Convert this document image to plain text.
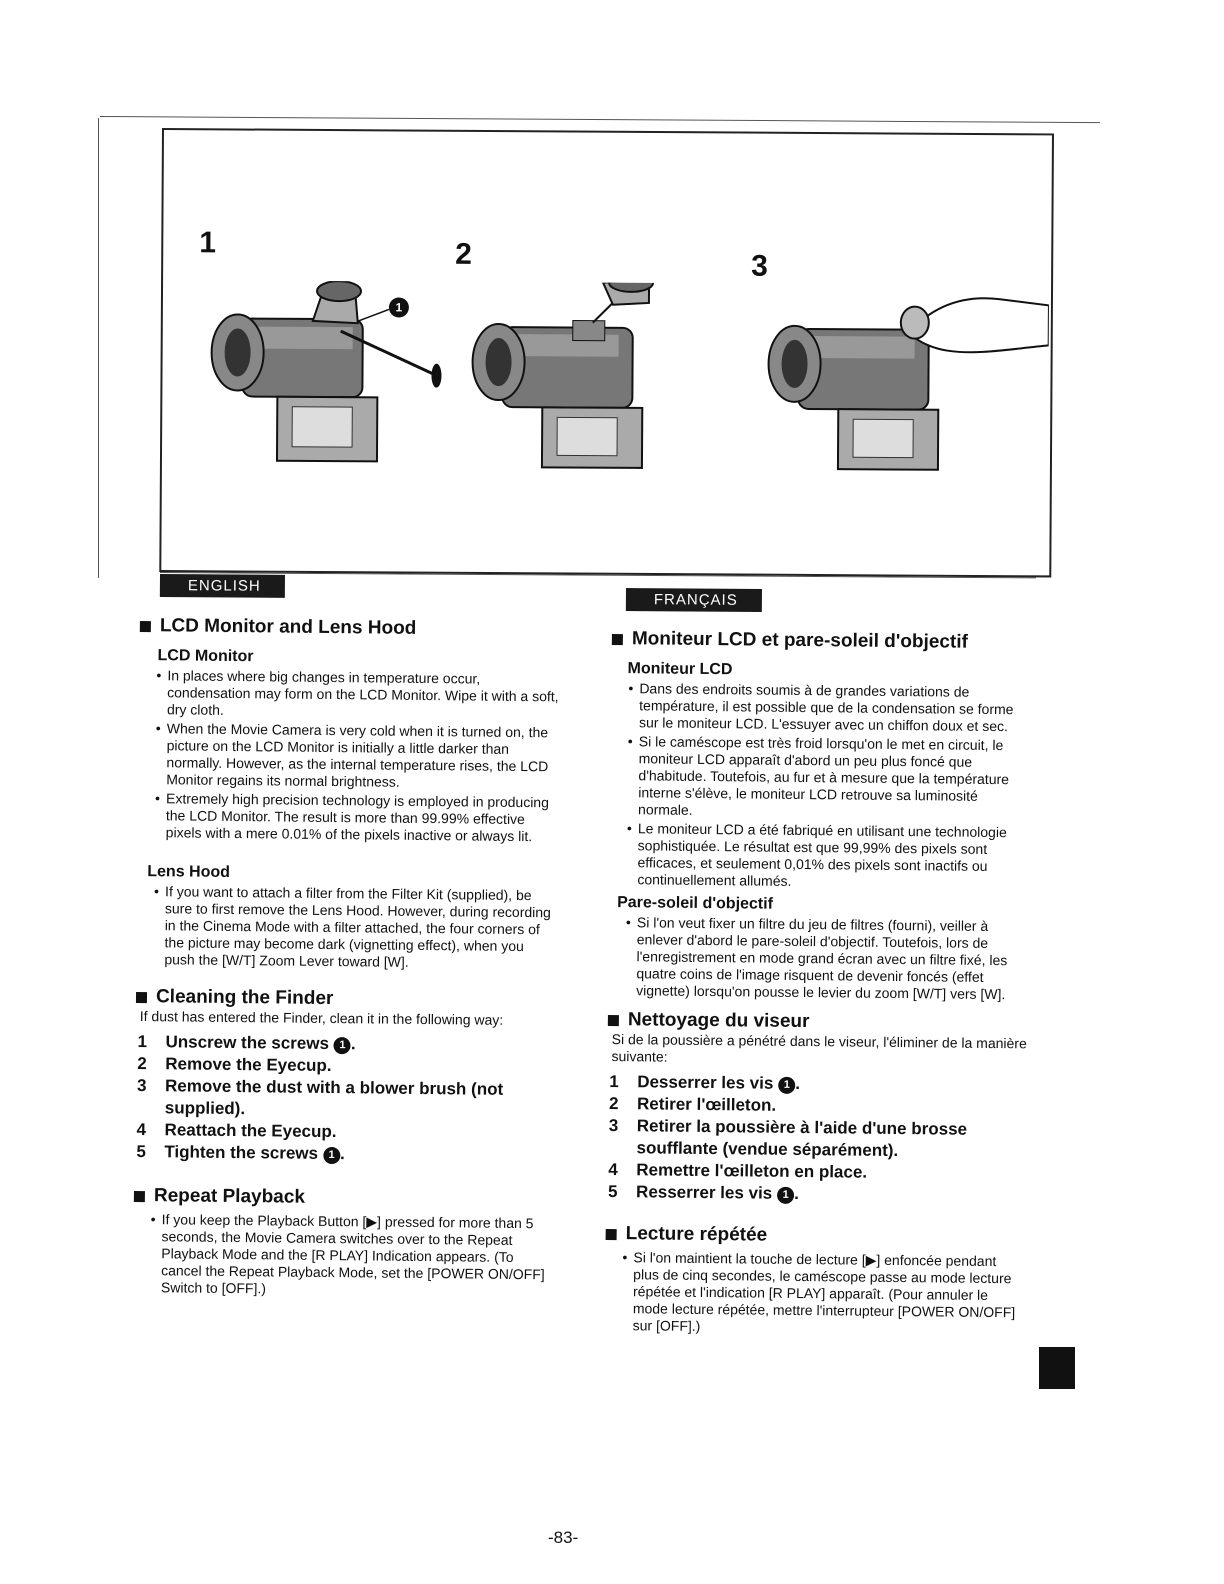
1	2	3
1
ENGLISH
FRANÇAIS
LCD Monitor and Lens Hood
LCD Monitor
• In places where big changes in temperature occur, condensation may form on the LCD Monitor. Wipe it with a soft, dry cloth.
• When the Movie Camera is very cold when it is turned on, the picture on the LCD Monitor is initially a little darker than normally. However, as the internal temperature rises, the LCD Monitor regains its normal brightness.
• Extremely high precision technology is employed in producing the LCD Monitor. The result is more than 99.99% effective pixels with a mere 0.01% of the pixels inactive or always lit.
Lens Hood
• If you want to attach a filter from the Filter Kit (supplied), be sure to first remove the Lens Hood. However, during recording in the Cinema Mode with a filter attached, the four corners of the picture may become dark (vignetting effect), when you push the [W/T] Zoom Lever toward [W].
Cleaning the Finder

If dust has entered the Finder, clean it in the following way:

1 Unscrew the screws 1 .
2 Remove the Eyecup.
3 Remove the dust with a blower brush (not supplied).
4 Reattach the Eyecup.
5 Tighten the screws 1 .
Repeat Playback
• If you keep the Playback Button [▶] pressed for more than 5 seconds, the Movie Camera switches over to the Repeat Playback Mode and the [R PLAY] Indication appears. (To cancel the Repeat Playback Mode, set the [POWER ON/OFF] Switch to [OFF].)
Moniteur LCD et pare-soleil d'objectif
Moniteur LCD
• Dans des endroits soumis à de grandes variations de température, il est possible que de la condensation se forme sur le moniteur LCD. L'essuyer avec un chiffon doux et sec.
• Si le caméscope est très froid lorsqu'on le met en circuit, le moniteur LCD apparaît d'abord un peu plus foncé que d'habitude. Toutefois, au fur et à mesure que la température interne s'élève, le moniteur LCD retrouve sa luminosité normale.
• Le moniteur LCD a été fabriqué en utilisant une technologie sophistiquée. Le résultat est que 99,99% des pixels sont efficaces, et seulement 0,01% des pixels sont inactifs ou continuellement allumés.
Pare-soleil d'objectif
• Si l'on veut fixer un filtre du jeu de filtres (fourni), veiller à enlever d'abord le pare-soleil d'objectif. Toutefois, lors de l'enregistrement en mode grand écran avec un filtre fixé, les quatre coins de l'image risquent de devenir foncés (effet vignette) lorsqu'on pousse le levier du zoom [W/T] vers [W].
Nettoyage du viseur

Si de la poussière a pénétré dans le viseur, l'éliminer de la manière suivante:

1 Desserrer les vis 1 .
2 Retirer l'œilleton.
3 Retirer la poussière à l'aide d'une brosse soufflante (vendue séparément).
4 Remettre l'œilleton en place.
5 Resserrer les vis 1 .
Lecture répétée
• Si l'on maintient la touche de lecture [▶] enfoncée pendant plus de cinq secondes, le caméscope passe au mode lecture répétée et l'indication [R PLAY] apparaît. (Pour annuler le mode lecture répétée, mettre l'interrupteur [POWER ON/OFF] sur [OFF].)
-83-
